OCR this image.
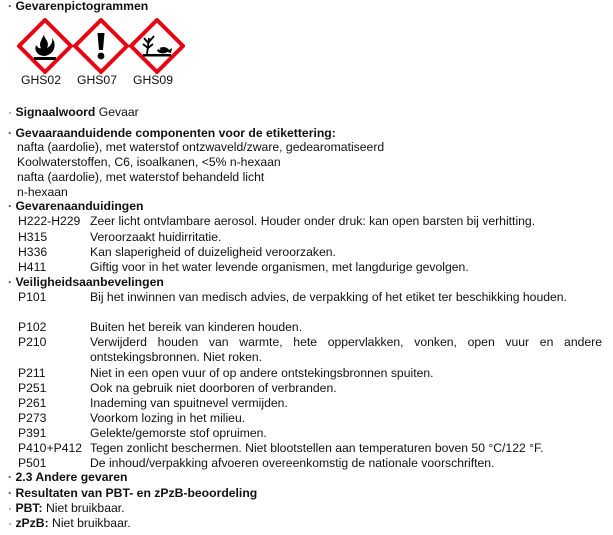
· Gevarenpictogrammen
GHS02 GHS07 GHS09
· Signaalwoord Gevaar
· Gevaaraanduidende componenten voor de etikettering:
nafta (aardolie), met waterstof ontzwaveld/zware, gedearomatiseerd
Koolwaterstoffen, C6, isoalkanen, <5% n-hexaan
nafta (aardolie), met waterstof behandeld licht
n-hexaan
· Gevarenaanduidingen
H222-H229 Zeer licht ontvlambare aerosol. Houder onder druk: kan open barsten bij verhitting.
H315	Veroorzaakt huidirritatie.
H336	Kan slaperigheid of duizeligheid veroorzaken.
H411	Giftig voor in het water levende organismen, met langdurige gevolgen.
· Veiligheidsaanbevelingen
P101	Bij het inwinnen van medisch advies, de verpakking of het etiket ter beschikking houden.
P102	Buiten het bereik van kinderen houden.
P210	Verwijderd houden van warmte, hete oppervlakken, vonken, open vuur en andere ontstekingsbronnen. Niet roken.
P211	Niet in een open vuur of op andere ontstekingsbronnen spuiten.
P251	Ook na gebruik niet doorboren of verbranden.
P261	Inademing van spuitnevel vermijden.
P273	Voorkom lozing in het milieu.
P391	Gelekte/gemorste stof opruimen.
P410+P412 Tegen zonlicht beschermen. Niet blootstellen aan temperaturen boven 50 °C/122 °F.
P501	De inhoud/verpakking afvoeren overeenkomstig de nationale voorschriften.
· 2.3 Andere gevaren
· Resultaten van PBT- en zPzB-beoordeling
· PBT: Niet bruikbaar.
· zPzB: Niet bruikbaar.
